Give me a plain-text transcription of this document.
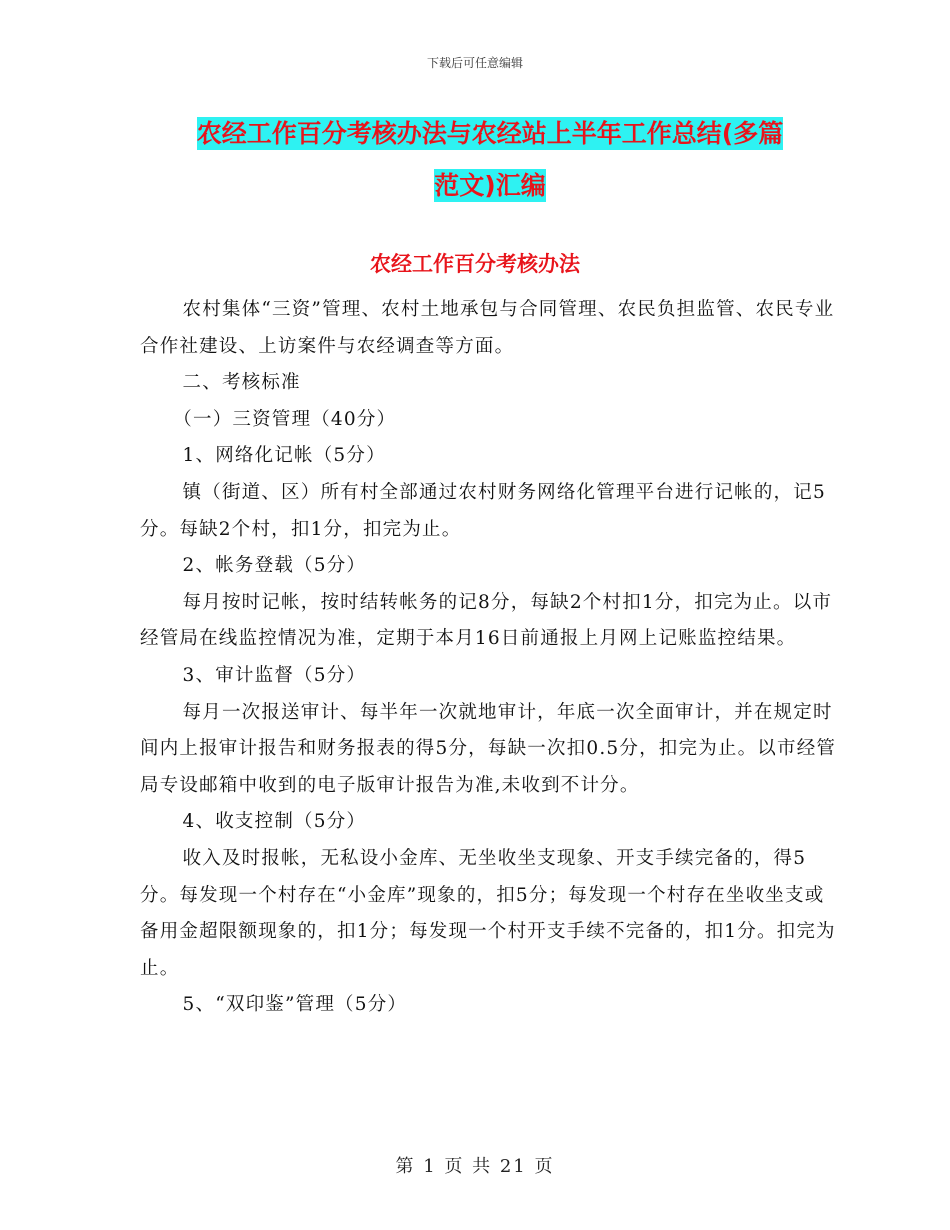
下载后可任意编辑
农经工作百分考核办法与农经站上半年工作总结(多篇
范文)汇编
农经工作百分考核办法

农村集体“三资”管理、农村土地承包与合同管理、农民负担监管、农民专业合作社建设、上访案件与农经调查等方面。

二、考核标准

（一）三资管理（40分）

1、网络化记帐（5分）

镇（街道、区）所有村全部通过农村财务网络化管理平台进行记帐的，记5分。每缺2个村，扣1分，扣完为止。

2、帐务登载（5分）

每月按时记帐，按时结转帐务的记8分，每缺2个村扣1分，扣完为止。以市经管局在线监控情况为准，定期于本月16日前通报上月网上记账监控结果。

3、审计监督（5分）

每月一次报送审计、每半年一次就地审计，年底一次全面审计，并在规定时间内上报审计报告和财务报表的得5分，每缺一次扣0.5分，扣完为止。以市经管局专设邮箱中收到的电子版审计报告为准,未收到不计分。

4、收支控制（5分）

收入及时报帐，无私设小金库、无坐收坐支现象、开支手续完备的，得5分。每发现一个村存在“小金库”现象的，扣5分；每发现一个村存在坐收坐支或备用金超限额现象的，扣1分；每发现一个村开支手续不完备的，扣1分。扣完为止。

5、“双印鉴”管理（5分）

第 1 页 共 21 页
